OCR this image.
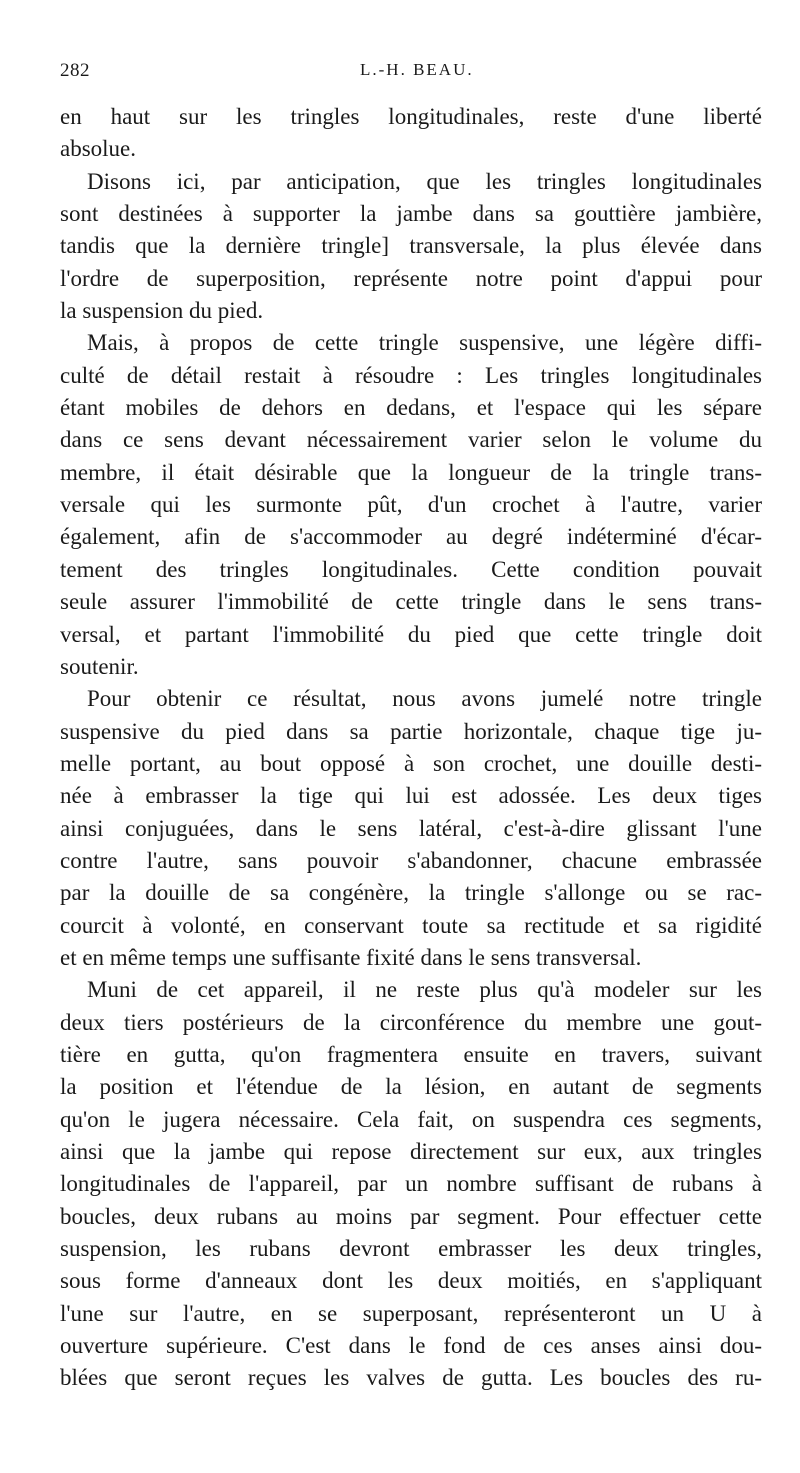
282	L.-H. BEAU.
en haut sur les tringles longitudinales, reste d'une liberté
absolue.
Disons ici, par anticipation, que les tringles longitudinales
sont destinées à supporter la jambe dans sa gouttière jambière,
tandis que la dernière tringle] transversale, la plus élevée dans
l'ordre de superposition, représente notre point d'appui pour
la suspension du pied.
Mais, à propos de cette tringle suspensive, une légère diffi-
culté de détail restait à résoudre : Les tringles longitudinales
étant mobiles de dehors en dedans, et l'espace qui les sépare
dans ce sens devant nécessairement varier selon le volume du
membre, il était désirable que la longueur de la tringle trans-
versale qui les surmonte pût, d'un crochet à l'autre, varier
également, afin de s'accommoder au degré indéterminé d'écar-
tement des tringles longitudinales. Cette condition pouvait
seule assurer l'immobilité de cette tringle dans le sens trans-
versal, et partant l'immobilité du pied que cette tringle doit
soutenir.
Pour obtenir ce résultat, nous avons jumelé notre tringle
suspensive du pied dans sa partie horizontale, chaque tige ju-
melle portant, au bout opposé à son crochet, une douille desti-
née à embrasser la tige qui lui est adossée. Les deux tiges
ainsi conjuguées, dans le sens latéral, c'est-à-dire glissant l'une
contre l'autre, sans pouvoir s'abandonner, chacune embrassée
par la douille de sa congénère, la tringle s'allonge ou se rac-
courcit à volonté, en conservant toute sa rectitude et sa rigidité
et en même temps une suffisante fixité dans le sens transversal.
Muni de cet appareil, il ne reste plus qu'à modeler sur les
deux tiers postérieurs de la circonférence du membre une gout-
tière en gutta, qu'on fragmentera ensuite en travers, suivant
la position et l'étendue de la lésion, en autant de segments
qu'on le jugera nécessaire. Cela fait, on suspendra ces segments,
ainsi que la jambe qui repose directement sur eux, aux tringles
longitudinales de l'appareil, par un nombre suffisant de rubans à
boucles, deux rubans au moins par segment. Pour effectuer cette
suspension, les rubans devront embrasser les deux tringles,
sous forme d'anneaux dont les deux moitiés, en s'appliquant
l'une sur l'autre, en se superposant, représenteront un U à
ouverture supérieure. C'est dans le fond de ces anses ainsi dou-
blées que seront reçues les valves de gutta. Les boucles des ru-
